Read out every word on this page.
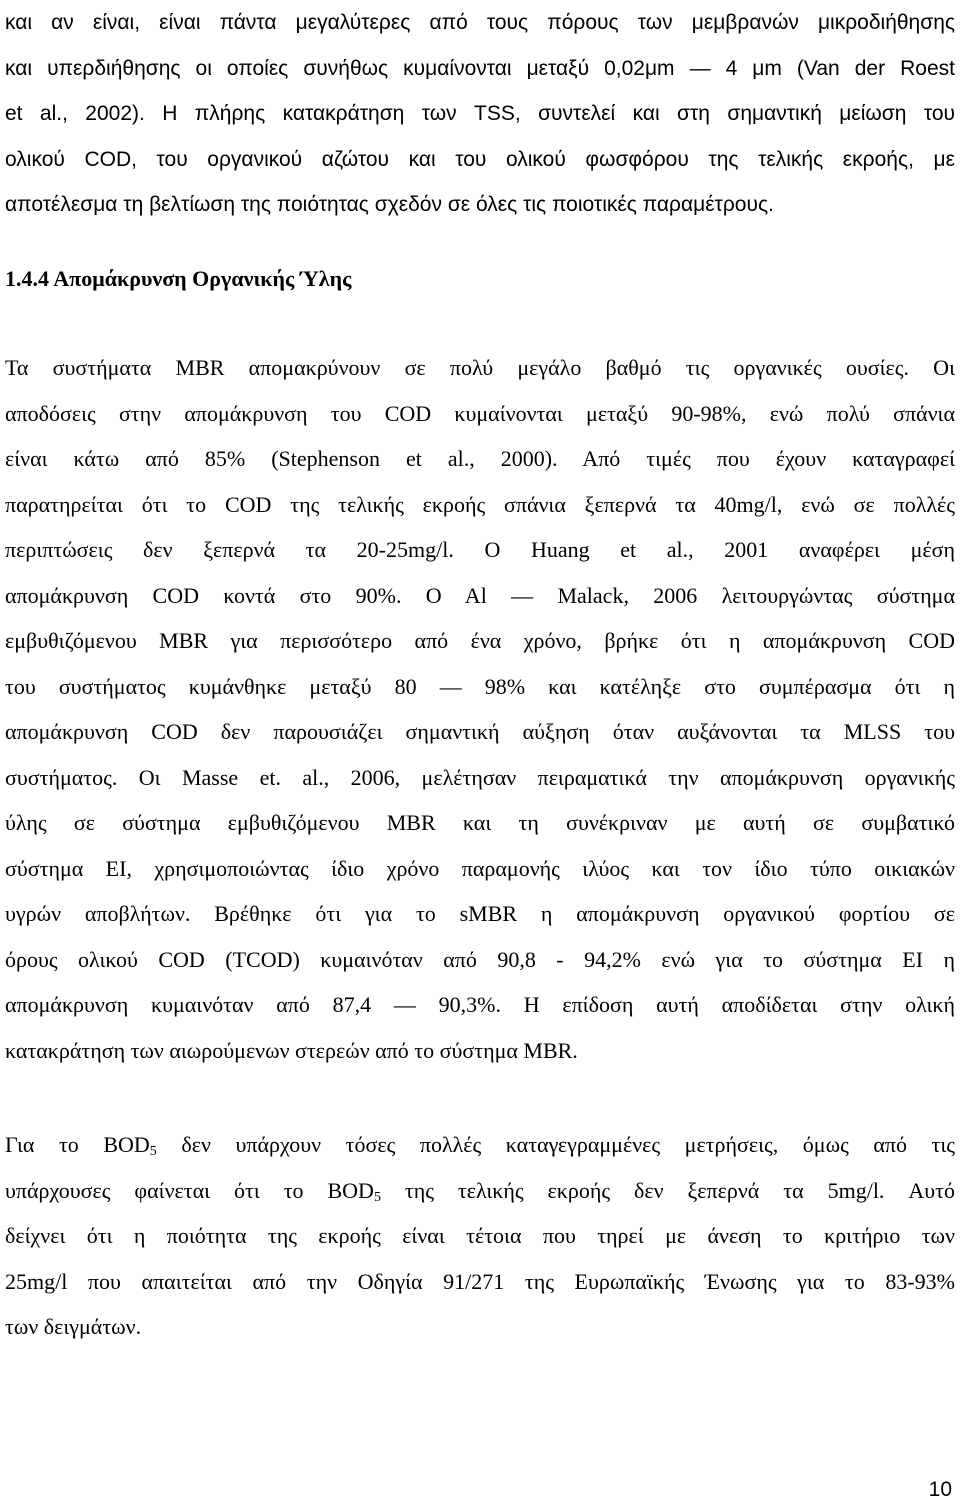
και αν είναι, είναι πάντα μεγαλύτερες από τους πόρους των μεμβρανών μικροδιήθησης
και υπερδιήθησης οι οποίες συνήθως κυμαίνονται μεταξύ 0,02μm ― 4 μm (Van der Roest
et al., 2002). Η πλήρης κατακράτηση των TSS, συντελεί και στη σημαντική μείωση του
ολικού COD, του οργανικού αζώτου και του ολικού φωσφόρου της τελικής εκροής, με
αποτέλεσμα τη βελτίωση της ποιότητας σχεδόν σε όλες τις ποιοτικές παραμέτρους.
1.4.4 Απομάκρυνση Οργανικής Ύλης
Τα συστήματα MBR απομακρύνουν σε πολύ μεγάλο βαθμό τις οργανικές ουσίες. Οι
αποδόσεις στην απομάκρυνση του COD κυμαίνονται μεταξύ 90-98%, ενώ πολύ σπάνια
είναι κάτω από 85% (Stephenson et al., 2000). Από τιμές που έχουν καταγραφεί
παρατηρείται ότι το COD της τελικής εκροής σπάνια ξεπερνά τα 40mg/l, ενώ σε πολλές
περιπτώσεις δεν ξεπερνά τα 20-25mg/l. O Huang et al., 2001 αναφέρει μέση
απομάκρυνση COD κοντά στο 90%. O Al ― Malack, 2006 λειτουργώντας σύστημα
εμβυθιζόμενου MBR για περισσότερο από ένα χρόνο, βρήκε ότι η απομάκρυνση COD
του συστήματος κυμάνθηκε μεταξύ 80 ― 98% και κατέληξε στο συμπέρασμα ότι η
απομάκρυνση COD δεν παρουσιάζει σημαντική αύξηση όταν αυξάνονται τα MLSS του
συστήματος. Οι Masse et. al., 2006, μελέτησαν πειραματικά την απομάκρυνση οργανικής
ύλης σε σύστημα εμβυθιζόμενου MBR και τη συνέκριναν με αυτή σε συμβατικό
σύστημα ΕΙ, χρησιμοποιώντας ίδιο χρόνο παραμονής ιλύος και τον ίδιο τύπο οικιακών
υγρών αποβλήτων. Βρέθηκε ότι για το sMBR η απομάκρυνση οργανικού φορτίου σε
όρους ολικού COD (TCOD) κυμαινόταν από 90,8 - 94,2% ενώ για το σύστημα ΕΙ η
απομάκρυνση κυμαινόταν από 87,4 ― 90,3%. Η επίδοση αυτή αποδίδεται στην ολική
κατακράτηση των αιωρούμενων στερεών από το σύστημα MBR.
Για το $BOD_5$ δεν υπάρχουν τόσες πολλές καταγεγραμμένες μετρήσεις, όμως από τις
υπάρχουσες φαίνεται ότι το $BOD_5$ της τελικής εκροής δεν ξεπερνά τα 5mg/l. Αυτό
δείχνει ότι η ποιότητα της εκροής είναι τέτοια που τηρεί με άνεση το κριτήριο των
25mg/l που απαιτείται από την Οδηγία 91/271 της Ευρωπαϊκής Ένωσης για το 83-93%
των δειγμάτων.
10
